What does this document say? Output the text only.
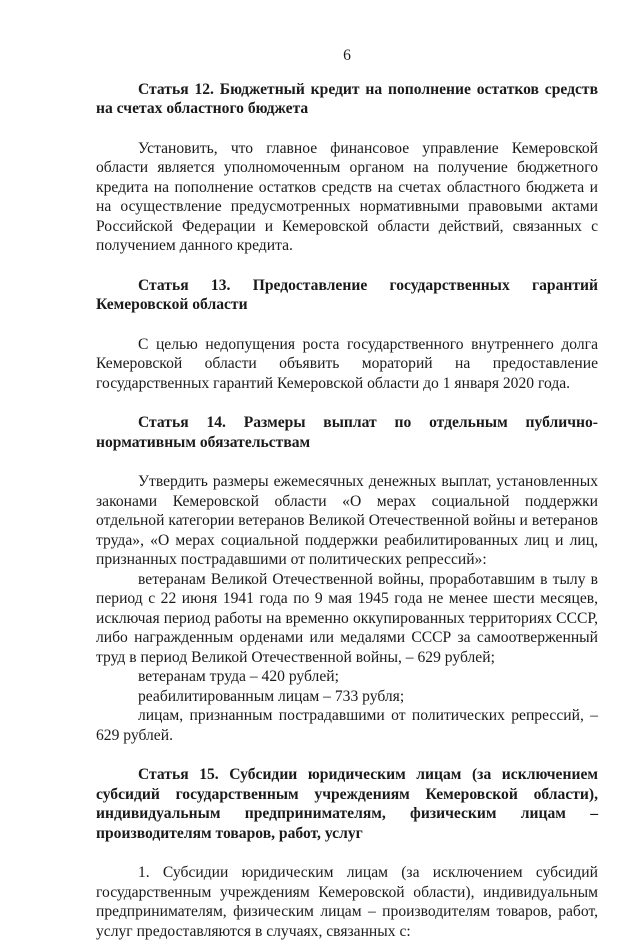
6

Статья 12. Бюджетный кредит на пополнение остатков средств на счетах областного бюджета

Установить, что главное финансовое управление Кемеровской области является уполномоченным органом на получение бюджетного кредита на пополнение остатков средств на счетах областного бюджета и на осуществление предусмотренных нормативными правовыми актами Российской Федерации и Кемеровской области действий, связанных с получением данного кредита.

Статья 13. Предоставление государственных гарантий Кемеровской области

С целью недопущения роста государственного внутреннего долга Кемеровской области объявить мораторий на предоставление государственных гарантий Кемеровской области до 1 января 2020 года.

Статья 14. Размеры выплат по отдельным публично-нормативным обязательствам

Утвердить размеры ежемесячных денежных выплат, установленных законами Кемеровской области «О мерах социальной поддержки отдельной категории ветеранов Великой Отечественной войны и ветеранов труда», «О мерах социальной поддержки реабилитированных лиц и лиц, признанных пострадавшими от политических репрессий»:

ветеранам Великой Отечественной войны, проработавшим в тылу в период с 22 июня 1941 года по 9 мая 1945 года не менее шести месяцев, исключая период работы на временно оккупированных территориях СССР, либо награжденным орденами или медалями СССР за самоотверженный труд в период Великой Отечественной войны, – 629 рублей;

ветеранам труда – 420 рублей;

реабилитированным лицам – 733 рубля;

лицам, признанным пострадавшими от политических репрессий, – 629 рублей.

Статья 15. Субсидии юридическим лицам (за исключением субсидий государственным учреждениям Кемеровской области), индивидуальным предпринимателям, физическим лицам – производителям товаров, работ, услуг

1. Субсидии юридическим лицам (за исключением субсидий государственным учреждениям Кемеровской области), индивидуальным предпринимателям, физическим лицам – производителям товаров, работ, услуг предоставляются в случаях, связанных с:
